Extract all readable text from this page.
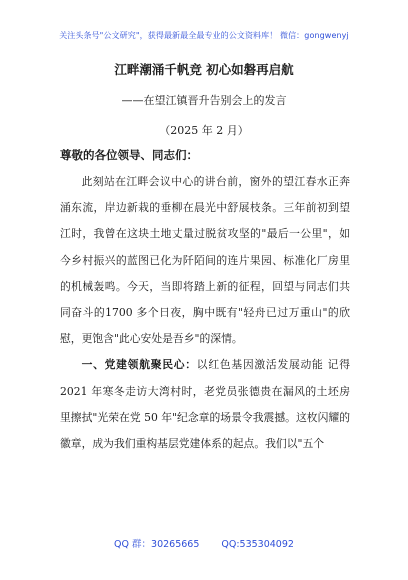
关注头条号"公文研究"，获得最新最全最专业的公文资料库！ 微信：gongwenyj
江畔潮涌千帆竞 初心如磐再启航
——在望江镇晋升告别会上的发言
（2025 年 2 月）
尊敬的各位领导、同志们：

此刻站在江畔会议中心的讲台前，窗外的望江春水正奔涌东流，岸边新栽的垂柳在晨光中舒展枝条。三年前初到望江时，我曾在这块土地丈量过脱贫攻坚的"最后一公里"，如今乡村振兴的蓝图已化为阡陌间的连片果园、标准化厂房里的机械轰鸣。今天，当即将踏上新的征程，回望与同志们共同奋斗的1700 多个日夜，胸中既有"轻舟已过万重山"的欣慰，更饱含"此心安处是吾乡"的深情。

一、党建领航聚民心：以红色基因激活发展动能 记得 2021 年寒冬走访大湾村时，老党员张德贵在漏风的土坯房里擦拭"光荣在党 50 年"纪念章的场景令我震撼。这枚闪耀的徽章，成为我们重构基层党建体系的起点。我们以"五个

QQ 群：30265665 QQ:535304092
